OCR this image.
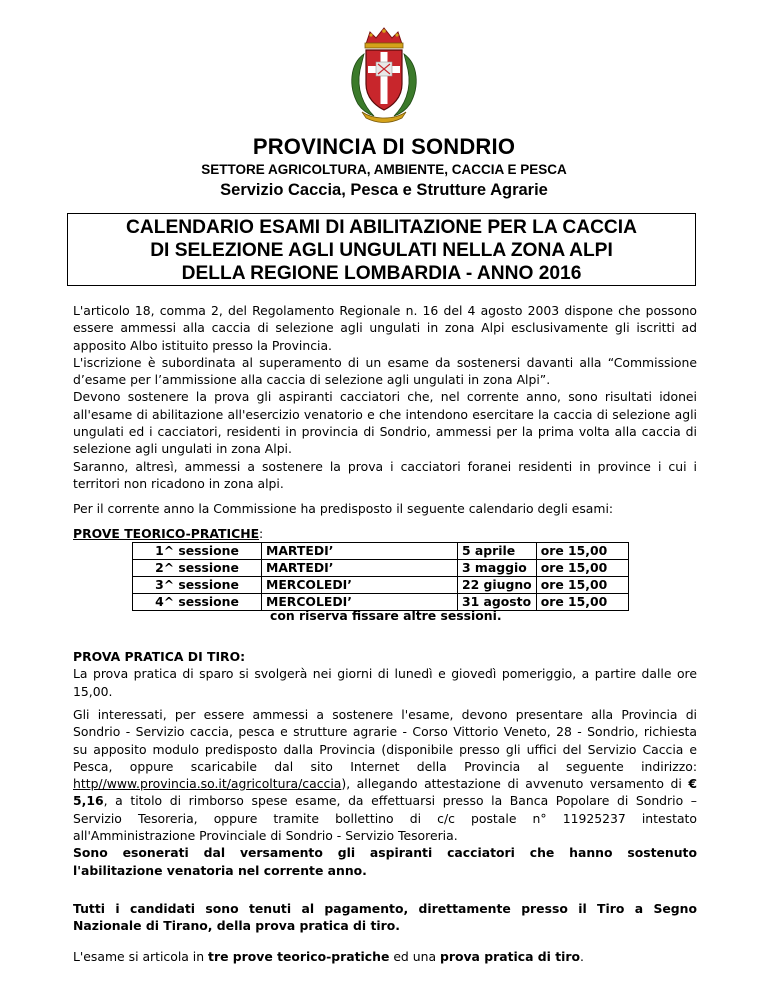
PROVINCIA DI SONDRIO
SETTORE AGRICOLTURA, AMBIENTE, CACCIA E PESCA
Servizio Caccia, Pesca e Strutture Agrarie
CALENDARIO ESAMI DI ABILITAZIONE PER LA CACCIA
DI SELEZIONE AGLI UNGULATI NELLA ZONA ALPI
DELLA REGIONE LOMBARDIA - ANNO 2016

L'articolo 18, comma 2, del Regolamento Regionale n. 16 del 4 agosto 2003 dispone che possono essere ammessi alla caccia di selezione agli ungulati in zona Alpi esclusivamente gli iscritti ad apposito Albo istituito presso la Provincia.

L'iscrizione è subordinata al superamento di un esame da sostenersi davanti alla “Commissione d’esame per l’ammissione alla caccia di selezione agli ungulati in zona Alpi”.

Devono sostenere la prova gli aspiranti cacciatori che, nel corrente anno, sono risultati idonei all'esame di abilitazione all'esercizio venatorio e che intendono esercitare la caccia di selezione agli ungulati ed i cacciatori, residenti in provincia di Sondrio, ammessi per la prima volta alla caccia di selezione agli ungulati in zona Alpi.

Saranno, altresì, ammessi a sostenere la prova i cacciatori foranei residenti in province i cui i territori non ricadono in zona alpi.

Per il corrente anno la Commissione ha predisposto il seguente calendario degli esami:

PROVE TEORICO-PRATICHE:
1^ sessione	MARTEDI’	5 aprile	ore 15,00
2^ sessione	MARTEDI’	3 maggio	ore 15,00
3^ sessione	MERCOLEDI’	22 giugno	ore 15,00
4^ sessione	MERCOLEDI’	31 agosto	ore 15,00
con riserva fissare altre sessioni.

PROVA PRATICA DI TIRO:

La prova pratica di sparo si svolgerà nei giorni di lunedì e giovedì pomeriggio, a partire dalle ore 15,00.

Gli interessati, per essere ammessi a sostenere l'esame, devono presentare alla Provincia di

Sondrio - Servizio caccia, pesca e strutture agrarie - Corso Vittorio Veneto, 28 - Sondrio, richiesta

su apposito modulo predisposto dalla Provincia (disponibile presso gli uffici del Servizio Caccia e

Pesca, oppure scaricabile dal sito Internet della Provincia al seguente indirizzo:

http//www.provincia.so.it/agricoltura/caccia), allegando attestazione di avvenuto versamento di €

5,16, a titolo di rimborso spese esame, da effettuarsi presso la Banca Popolare di Sondrio –

Servizio Tesoreria, oppure tramite bollettino di c/c postale n° 11925237 intestato

all'Amministrazione Provinciale di Sondrio - Servizio Tesoreria.

Sono esonerati dal versamento gli aspiranti cacciatori che hanno sostenuto

l'abilitazione venatoria nel corrente anno.

Tutti i candidati sono tenuti al pagamento, direttamente presso il Tiro a Segno

Nazionale di Tirano, della prova pratica di tiro.

L'esame si articola in tre prove teorico-pratiche ed una prova pratica di tiro.
